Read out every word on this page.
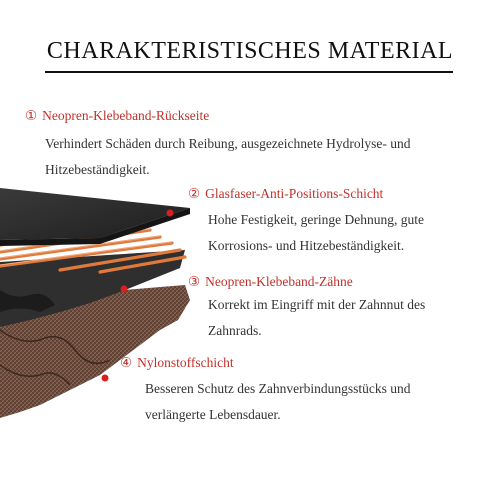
CHARAKTERISTISCHES MATERIAL
① Neopren-Klebeband-Rückseite
Verhindert Schäden durch Reibung, ausgezeichnete Hydrolyse- und
Hitzebeständigkeit.
② Glasfaser-Anti-Positions-Schicht
Hohe Festigkeit, geringe Dehnung, gute
Korrosions- und Hitzebeständigkeit.
③ Neopren-Klebeband-Zähne
Korrekt im Eingriff mit der Zahnnut des
Zahnrads.
④ Nylonstoffschicht
Besseren Schutz des Zahnverbindungsstücks und
verlängerte Lebensdauer.
